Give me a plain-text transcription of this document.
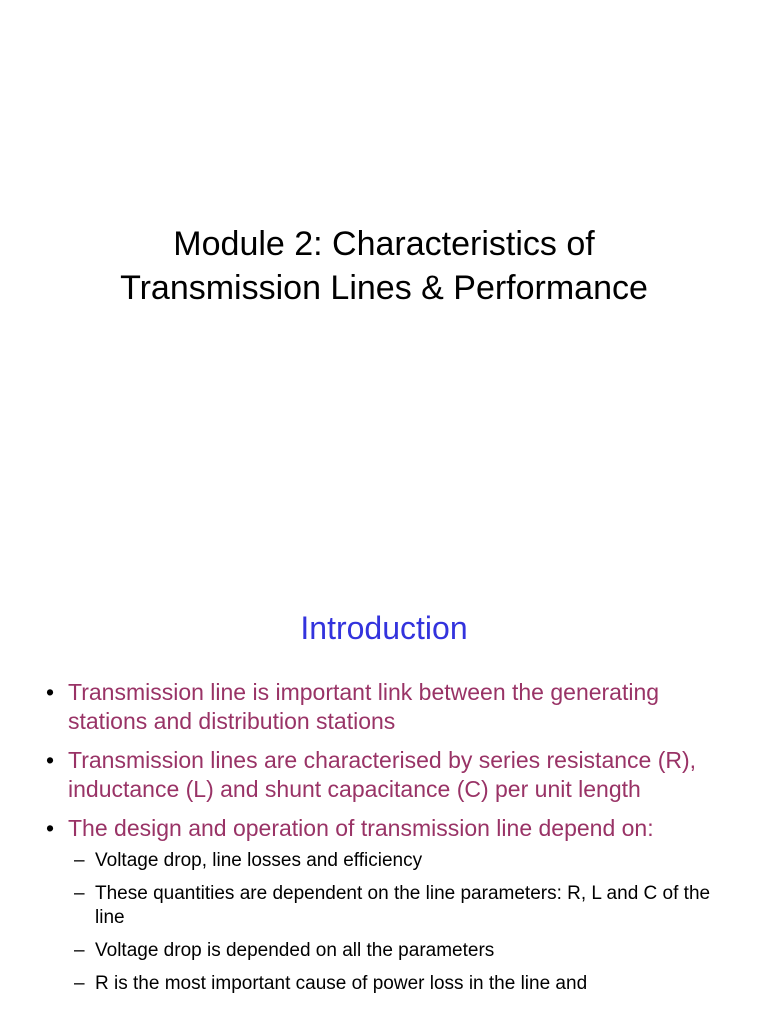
Module 2: Characteristics of
Transmission Lines & Performance
Introduction
• Transmission line is important link between the generating stations and distribution stations
• Transmission lines are characterised by series resistance (R), inductance (L) and shunt capacitance (C) per unit length
• The design and operation of transmission line depend on:
– Voltage drop, line losses and efficiency
– These quantities are dependent on the line parameters: R, L and C of the line
– Voltage drop is depended on all the parameters
– R is the most important cause of power loss in the line and
